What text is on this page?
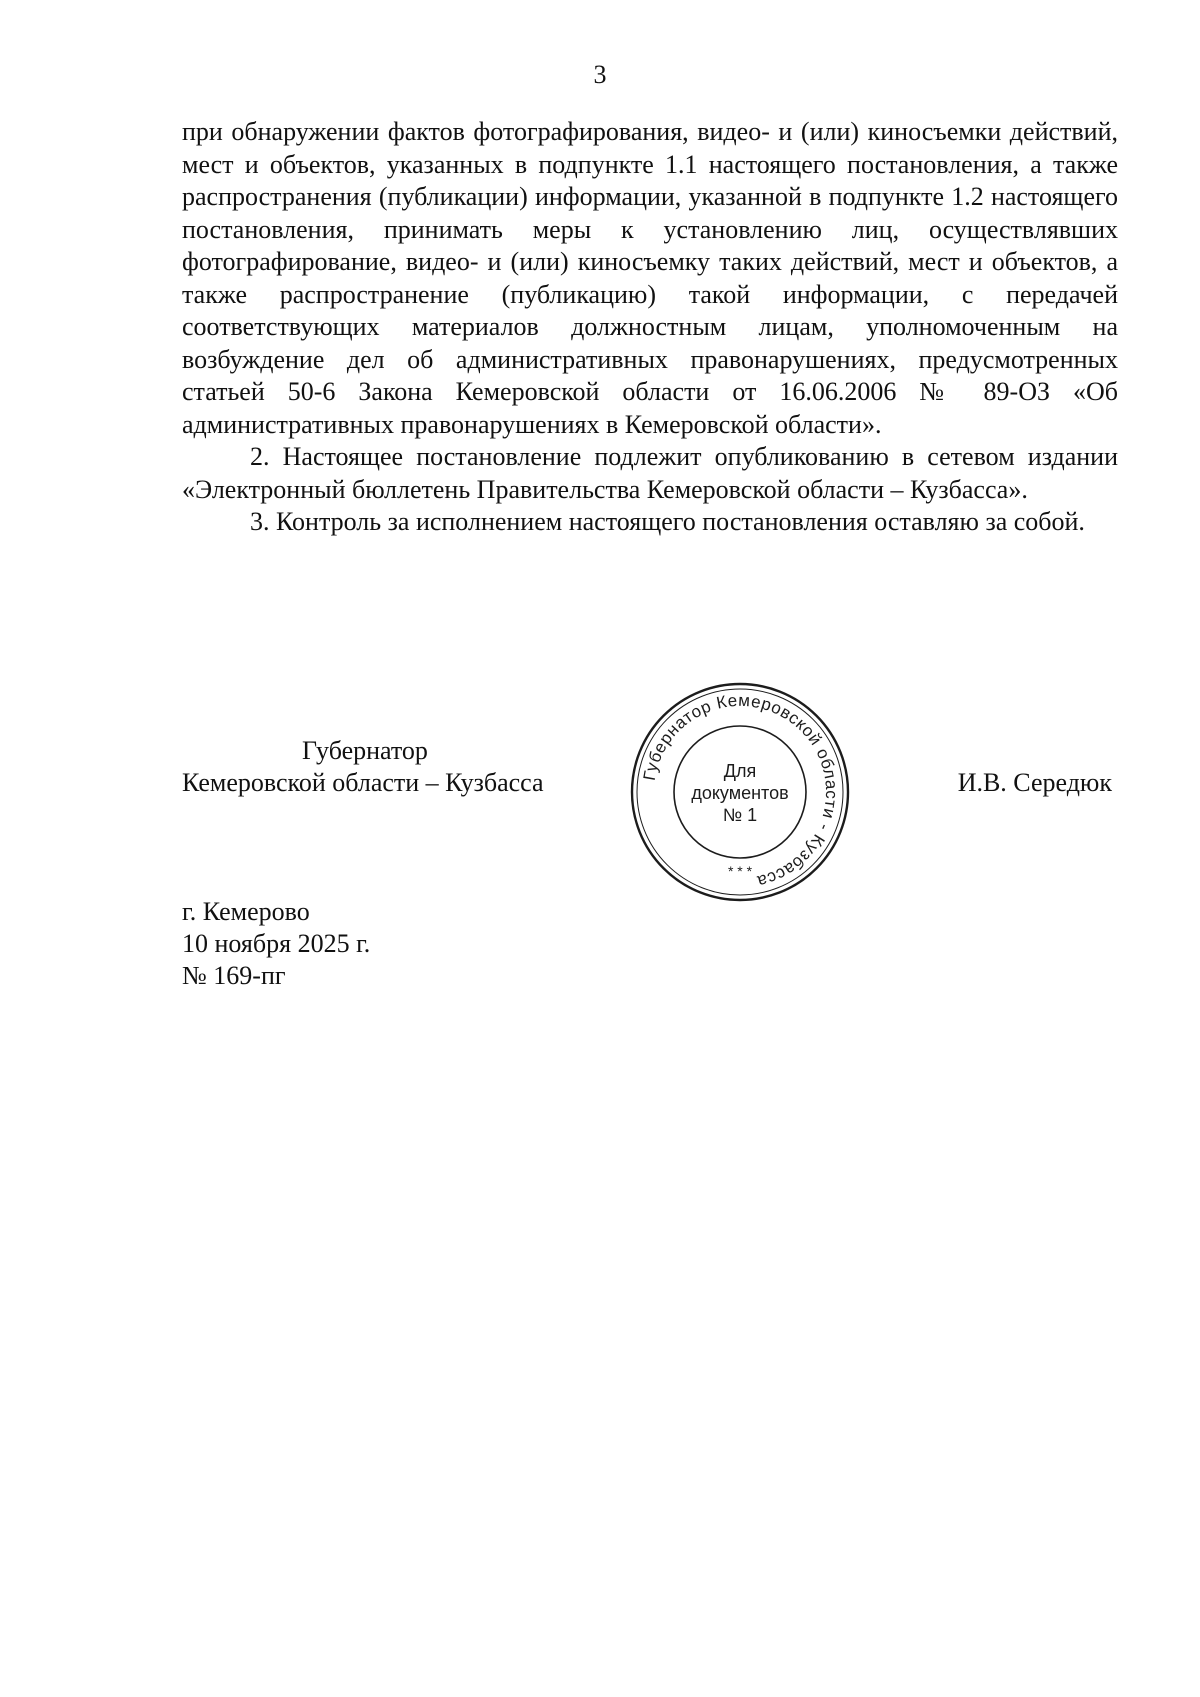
3

при обнаружении фактов фотографирования, видео- и (или) киносъемки действий, мест и объектов, указанных в подпункте 1.1 настоящего постановления, а также распространения (публикации) информации, указанной в подпункте 1.2 настоящего постановления, принимать меры к установлению лиц, осуществлявших фотографирование, видео- и (или) киносъемку таких действий, мест и объектов, а также распространение (публикацию) такой информации, с передачей соответствующих материалов должностным лицам, уполномоченным на возбуждение дел об административных правонарушениях, предусмотренных статьей 50-6 Закона Кемеровской области от 16.06.2006 № 89-ОЗ «Об административных правонарушениях в Кемеровской области».

2. Настоящее постановление подлежит опубликованию в сетевом издании «Электронный бюллетень Правительства Кемеровской области – Кузбасса».

3. Контроль за исполнением настоящего постановления оставляю за собой.

Губернатор
Кемеровской области – Кузбасса	Губернатор Кемеровской области - Кузбасса
* * *
Для
документов
№ 1
И.В. Середюк
г. Кемерово
10 ноября 2025 г.
№ 169-пг
